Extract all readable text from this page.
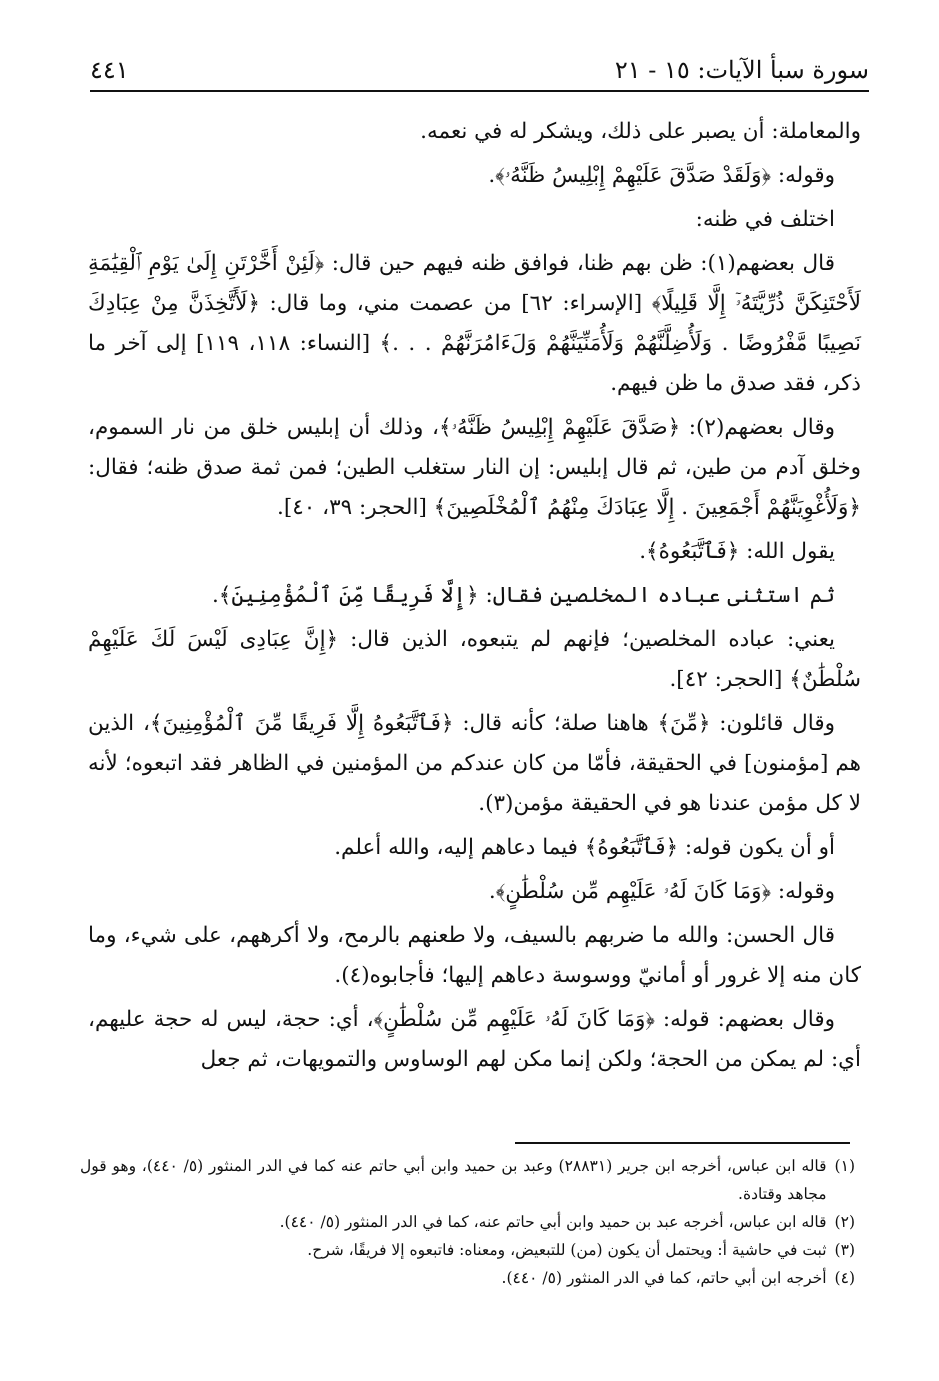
سورة سبأ الآيات: ١٥ - ٢١
٤٤١

والمعاملة: أن يصبر على ذلك، ويشكر له في نعمه.

وقوله: ﴿وَلَقَدْ صَدَّقَ عَلَيْهِمْ إِبْلِيسُ ظَنَّهُۥ﴾.

اختلف في ظنه:

قال بعضهم(١): ظن بهم ظنا، فوافق ظنه فيهم حين قال: ﴿لَئِنْ أَخَّرْتَنِ إِلَىٰ يَوْمِ ٱلْقِيَٰمَةِ لَأَحْتَنِكَنَّ ذُرِّيَّتَهُۥٓ إِلَّا قَلِيلًا﴾ [الإسراء: ٦٢] من عصمت مني، وما قال: ﴿لَأَتَّخِذَنَّ مِنْ عِبَادِكَ نَصِيبًا مَّفْرُوضًا . وَلَأُضِلَّنَّهُمْ وَلَأُمَنِّيَنَّهُمْ وَلَءَامُرَنَّهُمْ . . .﴾ [النساء: ١١٨، ١١٩] إلى آخر ما ذكر، فقد صدق ما ظن فيهم.

وقال بعضهم(٢): ﴿صَدَّقَ عَلَيْهِمْ إِبْلِيسُ ظَنَّهُۥ﴾، وذلك أن إبليس خلق من نار السموم، وخلق آدم من طين، ثم قال إبليس: إن النار ستغلب الطين؛ فمن ثمة صدق ظنه؛ فقال: ﴿وَلَأُغْوِيَنَّهُمْ أَجْمَعِينَ . إِلَّا عِبَادَكَ مِنْهُمُ ٱلْمُخْلَصِينَ﴾ [الحجر: ٣٩، ٤٠].

يقول الله: ﴿فَٱتَّبَعُوهُ﴾.

ثم استثنى عباده المخلصين فقال: ﴿إِلَّا فَرِيقًا مِّنَ ٱلْمُؤْمِنِينَ﴾.

يعني: عباده المخلصين؛ فإنهم لم يتبعوه، الذين قال: ﴿إِنَّ عِبَادِى لَيْسَ لَكَ عَلَيْهِمْ سُلْطَٰنٌ﴾ [الحجر: ٤٢].

وقال قائلون: ﴿مِّنَ﴾ هاهنا صلة؛ كأنه قال: ﴿فَٱتَّبَعُوهُ إِلَّا فَرِيقًا مِّنَ ٱلْمُؤْمِنِينَ﴾، الذين هم [مؤمنون] في الحقيقة، فأمّا من كان عندكم من المؤمنين في الظاهر فقد اتبعوه؛ لأنه لا كل مؤمن عندنا هو في الحقيقة مؤمن(٣).

أو أن يكون قوله: ﴿فَٱتَّبَعُوهُ﴾ فيما دعاهم إليه، والله أعلم.

وقوله: ﴿وَمَا كَانَ لَهُۥ عَلَيْهِم مِّن سُلْطَٰنٍ﴾.

قال الحسن: والله ما ضربهم بالسيف، ولا طعنهم بالرمح، ولا أكرههم، على شيء، وما كان منه إلا غرور أو أمانيّ ووسوسة دعاهم إليها؛ فأجابوه(٤).

وقال بعضهم: قوله: ﴿وَمَا كَانَ لَهُۥ عَلَيْهِم مِّن سُلْطَٰنٍ﴾، أي: حجة، ليس له حجة عليهم، أي: لم يمكن من الحجة؛ ولكن إنما مكن لهم الوساوس والتمويهات، ثم جعل

(١)
قاله ابن عباس، أخرجه ابن جرير (٢٨٨٣١) وعبد بن حميد وابن أبي حاتم عنه كما في الدر المنثور (٥/ ٤٤٠)، وهو قول مجاهد وقتادة.
(٢)
قاله ابن عباس، أخرجه عبد بن حميد وابن أبي حاتم عنه، كما في الدر المنثور (٥/ ٤٤٠).
(٣)
ثبت في حاشية أ: ويحتمل أن يكون (من) للتبعيض، ومعناه: فاتبعوه إلا فريقًا، شرح.
(٤)
أخرجه ابن أبي حاتم، كما في الدر المنثور (٥/ ٤٤٠).
